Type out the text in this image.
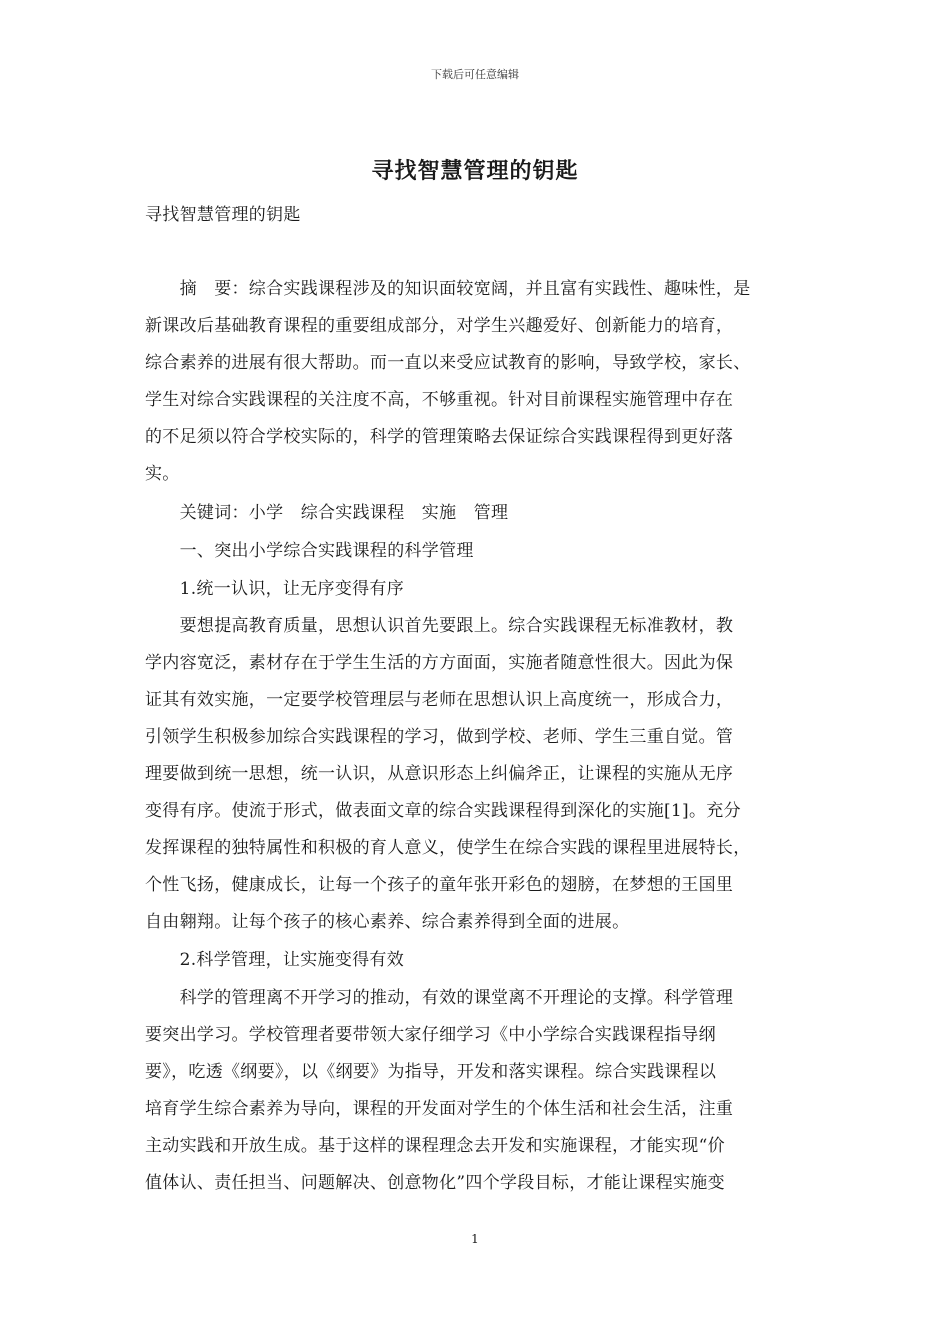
下载后可任意编辑
寻找智慧管理的钥匙
寻找智慧管理的钥匙
　　摘　要：综合实践课程涉及的知识面较宽阔，并且富有实践性、趣味性，是
新课改后基础教育课程的重要组成部分，对学生兴趣爱好、创新能力的培育，
综合素养的进展有很大帮助。而一直以来受应试教育的影响，导致学校，家长、
学生对综合实践课程的关注度不高，不够重视。针对目前课程实施管理中存在
的不足须以符合学校实际的，科学的管理策略去保证综合实践课程得到更好落
实。
　　关键词：小学　综合实践课程　实施　管理
　　一、突出小学综合实践课程的科学管理
　　1.统一认识，让无序变得有序
　　要想提高教育质量，思想认识首先要跟上。综合实践课程无标准教材，教
学内容宽泛，素材存在于学生生活的方方面面，实施者随意性很大。因此为保
证其有效实施，一定要学校管理层与老师在思想认识上高度统一，形成合力，
引领学生积极参加综合实践课程的学习，做到学校、老师、学生三重自觉。管
理要做到统一思想，统一认识，从意识形态上纠偏斧正，让课程的实施从无序
变得有序。使流于形式，做表面文章的综合实践课程得到深化的实施[1]。充分
发挥课程的独特属性和积极的育人意义，使学生在综合实践的课程里进展特长，
个性飞扬，健康成长，让每一个孩子的童年张开彩色的翅膀，在梦想的王国里
自由翱翔。让每个孩子的核心素养、综合素养得到全面的进展。
　　2.科学管理，让实施变得有效
　　科学的管理离不开学习的推动，有效的课堂离不开理论的支撑。科学管理
要突出学习。学校管理者要带领大家仔细学习《中小学综合实践课程指导纲
要》，吃透《纲要》，以《纲要》为指导，开发和落实课程。综合实践课程以
培育学生综合素养为导向，课程的开发面对学生的个体生活和社会生活，注重
主动实践和开放生成。基于这样的课程理念去开发和实施课程，才能实现“价
值体认、责任担当、问题解决、创意物化”四个学段目标，才能让课程实施变
1
